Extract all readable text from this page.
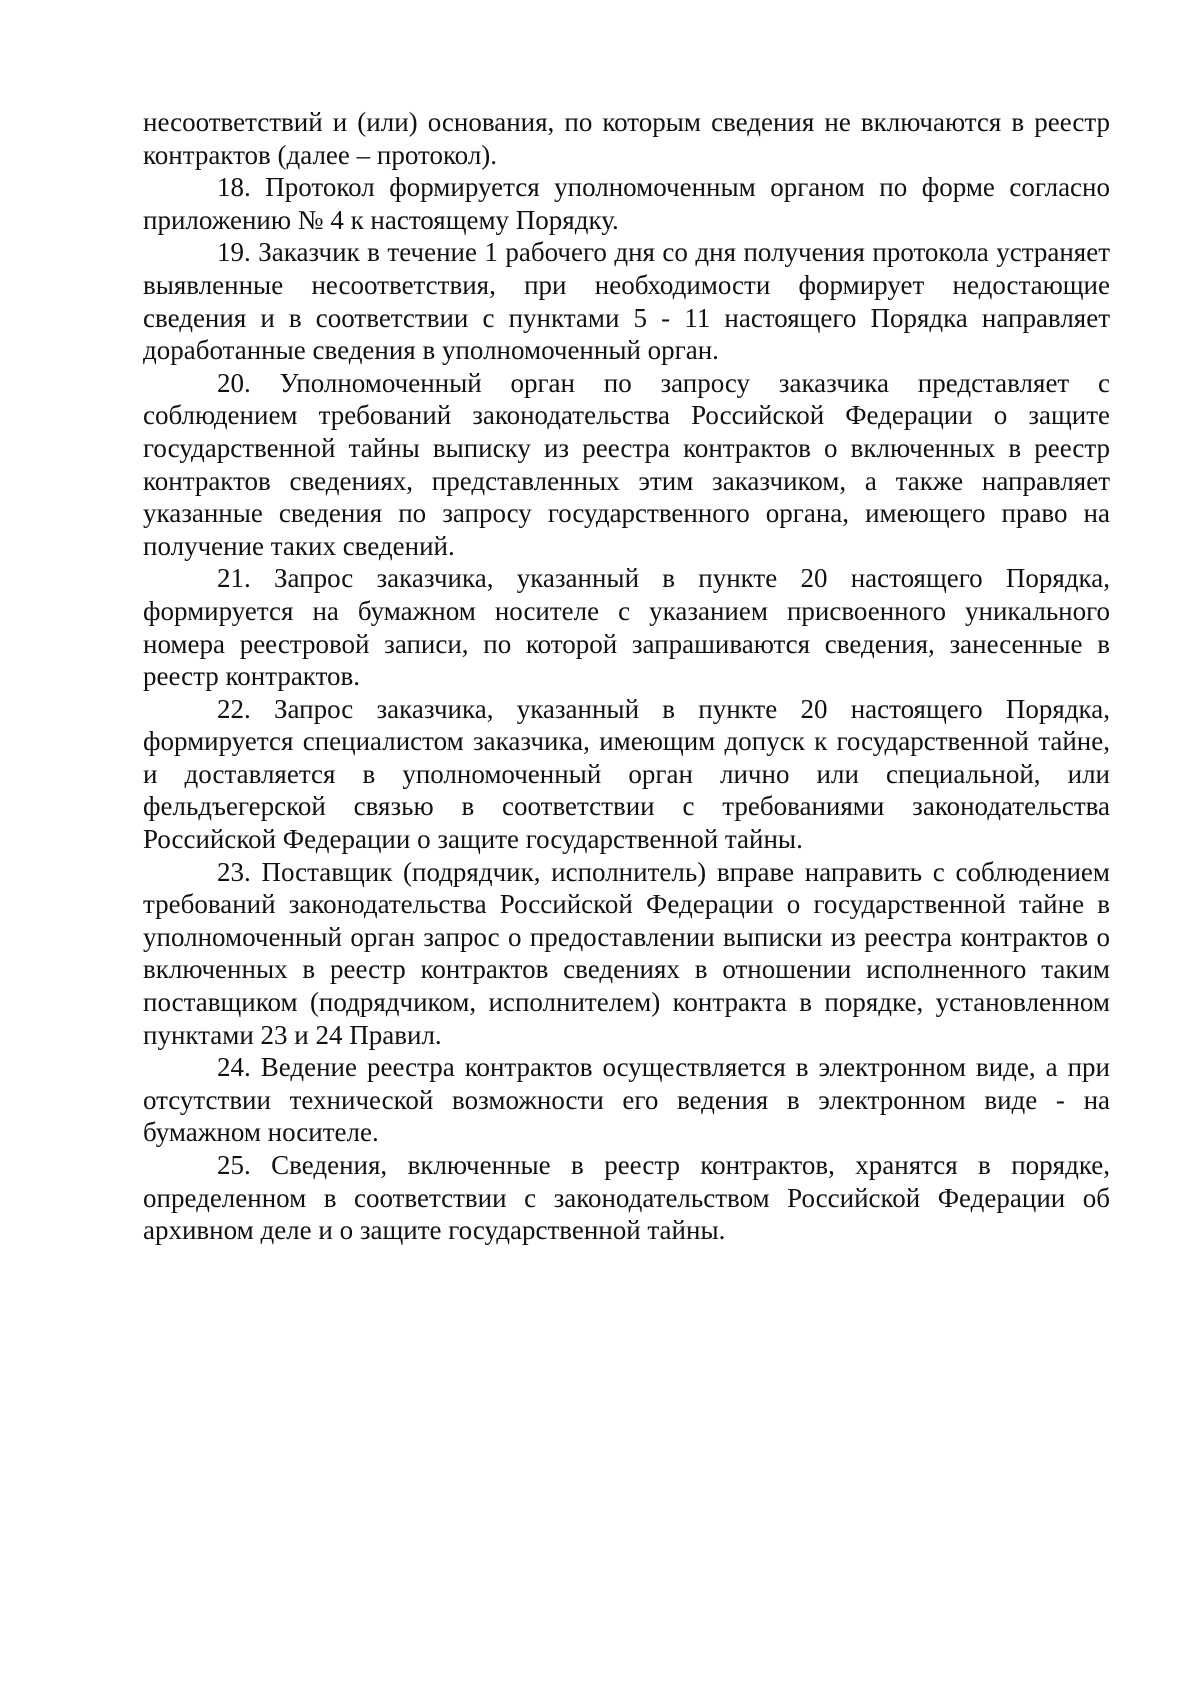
несоответствий и (или) основания, по которым сведения не включаются в реестр контрактов (далее – протокол).

18. Протокол формируется уполномоченным органом по форме согласно приложению № 4 к настоящему Порядку.

19. Заказчик в течение 1 рабочего дня со дня получения протокола устраняет выявленные несоответствия, при необходимости формирует недостающие сведения и в соответствии с пунктами 5 - 11 настоящего Порядка направляет доработанные сведения в уполномоченный орган.

20. Уполномоченный орган по запросу заказчика представляет с соблюдением требований законодательства Российской Федерации о защите государственной тайны выписку из реестра контрактов о включенных в реестр контрактов сведениях, представленных этим заказчиком, а также направляет указанные сведения по запросу государственного органа, имеющего право на получение таких сведений.

21. Запрос заказчика, указанный в пункте 20 настоящего Порядка, формируется на бумажном носителе с указанием присвоенного уникального номера реестровой записи, по которой запрашиваются сведения, занесенные в реестр контрактов.

22. Запрос заказчика, указанный в пункте 20 настоящего Порядка, формируется специалистом заказчика, имеющим допуск к государственной тайне, и доставляется в уполномоченный орган лично или специальной, или фельдъегерской связью в соответствии с требованиями законодательства Российской Федерации о защите государственной тайны.

23. Поставщик (подрядчик, исполнитель) вправе направить с соблюдением требований законодательства Российской Федерации о государственной тайне в уполномоченный орган запрос о предоставлении выписки из реестра контрактов о включенных в реестр контрактов сведениях в отношении исполненного таким поставщиком (подрядчиком, исполнителем) контракта в порядке, установленном пунктами 23 и 24 Правил.

24. Ведение реестра контрактов осуществляется в электронном виде, а при отсутствии технической возможности его ведения в электронном виде - на бумажном носителе.

25. Сведения, включенные в реестр контрактов, хранятся в порядке, определенном в соответствии с законодательством Российской Федерации об архивном деле и о защите государственной тайны.
